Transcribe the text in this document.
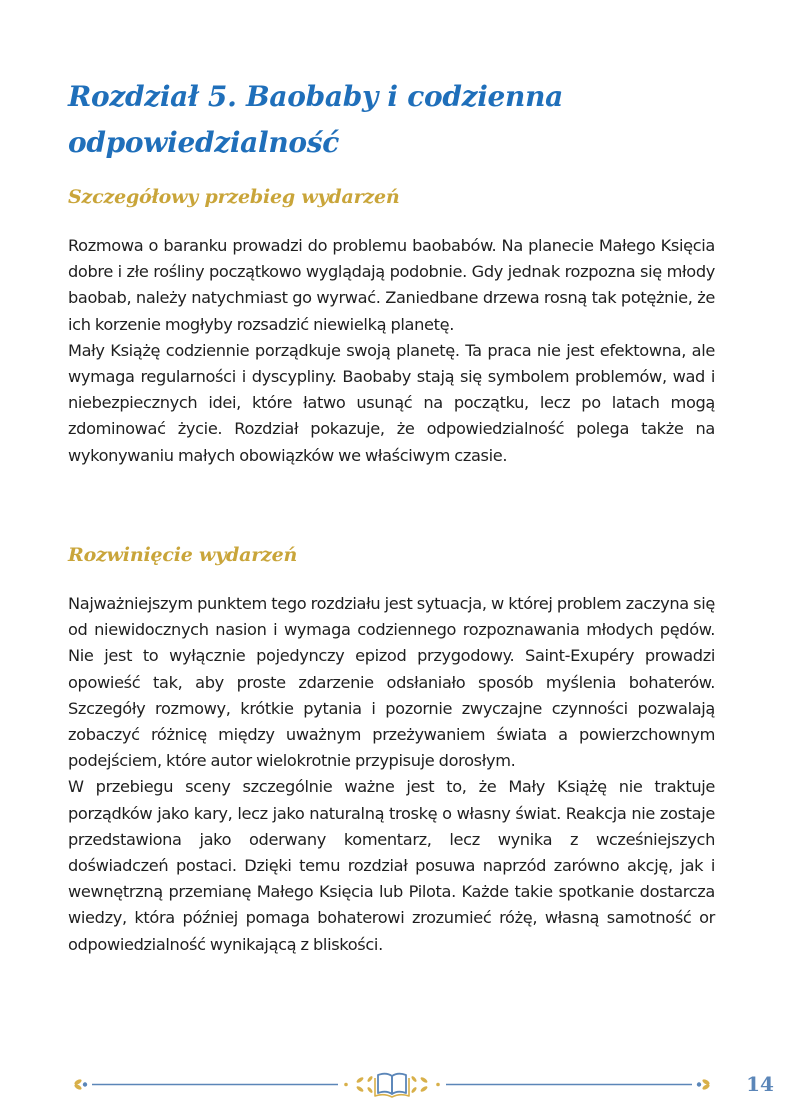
Rozdział 5. Baobaby i codzienna odpowiedzialność
Szczegółowy przebieg wydarzeń

Rozmowa o baranku prowadzi do problemu baobabów. Na planecie Małego Księcia dobre i złe rośliny początkowo wyglądają podobnie. Gdy jednak rozpozna się młody baobab, należy natychmiast go wyrwać. Zaniedbane drzewa rosną tak potężnie, że ich korzenie mogłyby rozsadzić niewielką planetę.

Mały Książę codziennie porządkuje swoją planetę. Ta praca nie jest efektowna, ale wymaga regularności i dyscypliny. Baobaby stają się symbolem problemów, wad i niebezpiecznych idei, które łatwo usunąć na początku, lecz po latach mogą zdominować życie. Rozdział pokazuje, że odpowiedzialność polega także na wykonywaniu małych obowiązków we właściwym czasie.

Rozwinięcie wydarzeń

Najważniejszym punktem tego rozdziału jest sytuacja, w której problem zaczyna się od niewidocznych nasion i wymaga codziennego rozpoznawania młodych pędów. Nie jest to wyłącznie pojedynczy epizod przygodowy. Saint-Exupéry prowadzi opowieść tak, aby proste zdarzenie odsłaniało sposób myślenia bohaterów. Szczegóły rozmowy, krótkie pytania i pozornie zwyczajne czynności pozwalają zobaczyć różnicę między uważnym przeżywaniem świata a powierzchownym podejściem, które autor wielokrotnie przypisuje dorosłym.

W przebiegu sceny szczególnie ważne jest to, że Mały Książę nie traktuje porządków jako kary, lecz jako naturalną troskę o własny świat. Reakcja nie zostaje przedstawiona jako oderwany komentarz, lecz wynika z wcześniejszych doświadczeń postaci. Dzięki temu rozdział posuwa naprzód zarówno akcję, jak i wewnętrzną przemianę Małego Księcia lub Pilota. Każde takie spotkanie dostarcza wiedzy, która później pomaga bohaterowi zrozumieć różę, własną samotność or odpowiedzialność wynikającą z bliskości.

14
